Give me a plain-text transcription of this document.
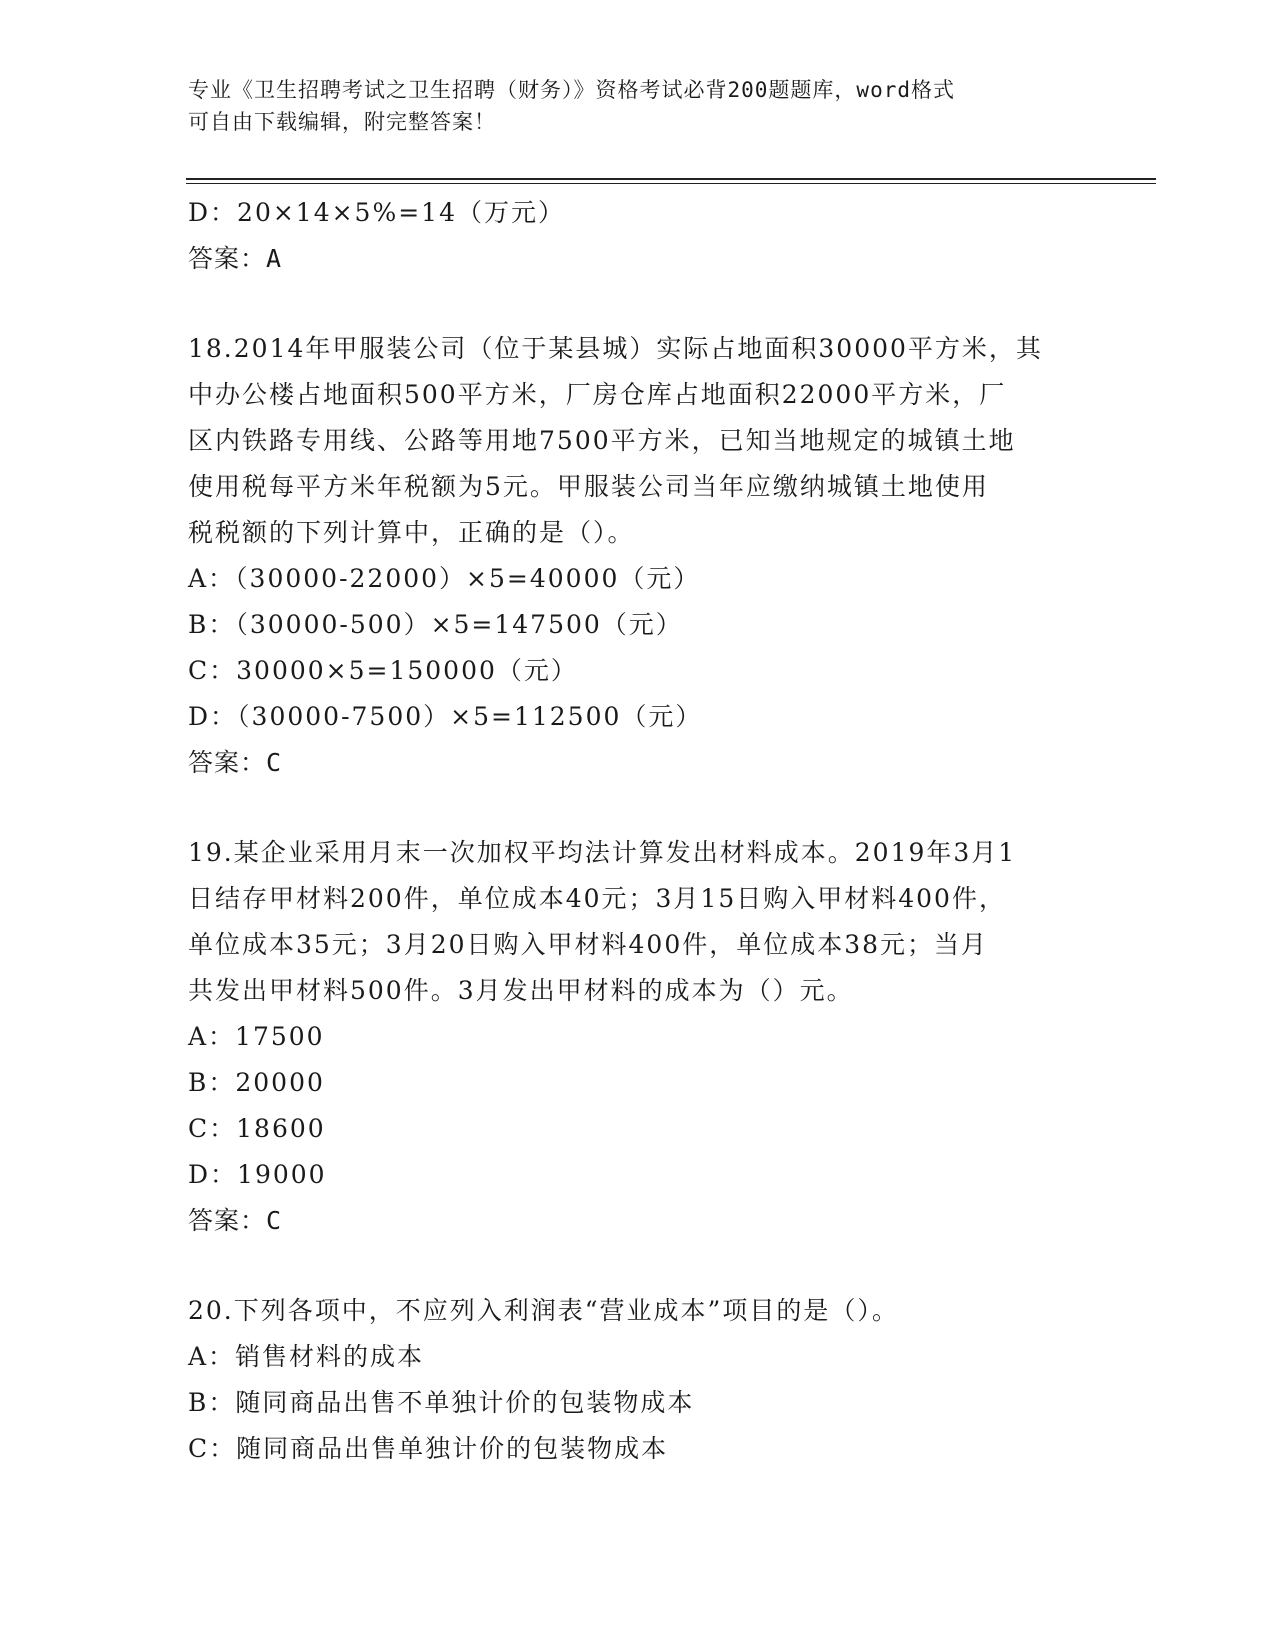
专业《卫生招聘考试之卫生招聘（财务）》资格考试必背200题题库，word格式
可自由下载编辑，附完整答案！
D：20×14×5%=14（万元）
答案：A
18.2014年甲服装公司（位于某县城）实际占地面积30000平方米，其
中办公楼占地面积500平方米，厂房仓库占地面积22000平方米，厂
区内铁路专用线、公路等用地7500平方米，已知当地规定的城镇土地
使用税每平方米年税额为5元。甲服装公司当年应缴纳城镇土地使用
税税额的下列计算中，正确的是（）。
A：（30000-22000）×5=40000（元）
B：（30000-500）×5=147500（元）
C：30000×5=150000（元）
D：（30000-7500）×5=112500（元）
答案：C
19.某企业采用月末一次加权平均法计算发出材料成本。2019年3月1
日结存甲材料200件，单位成本40元；3月15日购入甲材料400件，
单位成本35元；3月20日购入甲材料400件，单位成本38元；当月
共发出甲材料500件。3月发出甲材料的成本为（）元。
A：17500
B：20000
C：18600
D：19000
答案：C
20.下列各项中，不应列入利润表“营业成本”项目的是（）。
A：销售材料的成本
B：随同商品出售不单独计价的包装物成本
C：随同商品出售单独计价的包装物成本
